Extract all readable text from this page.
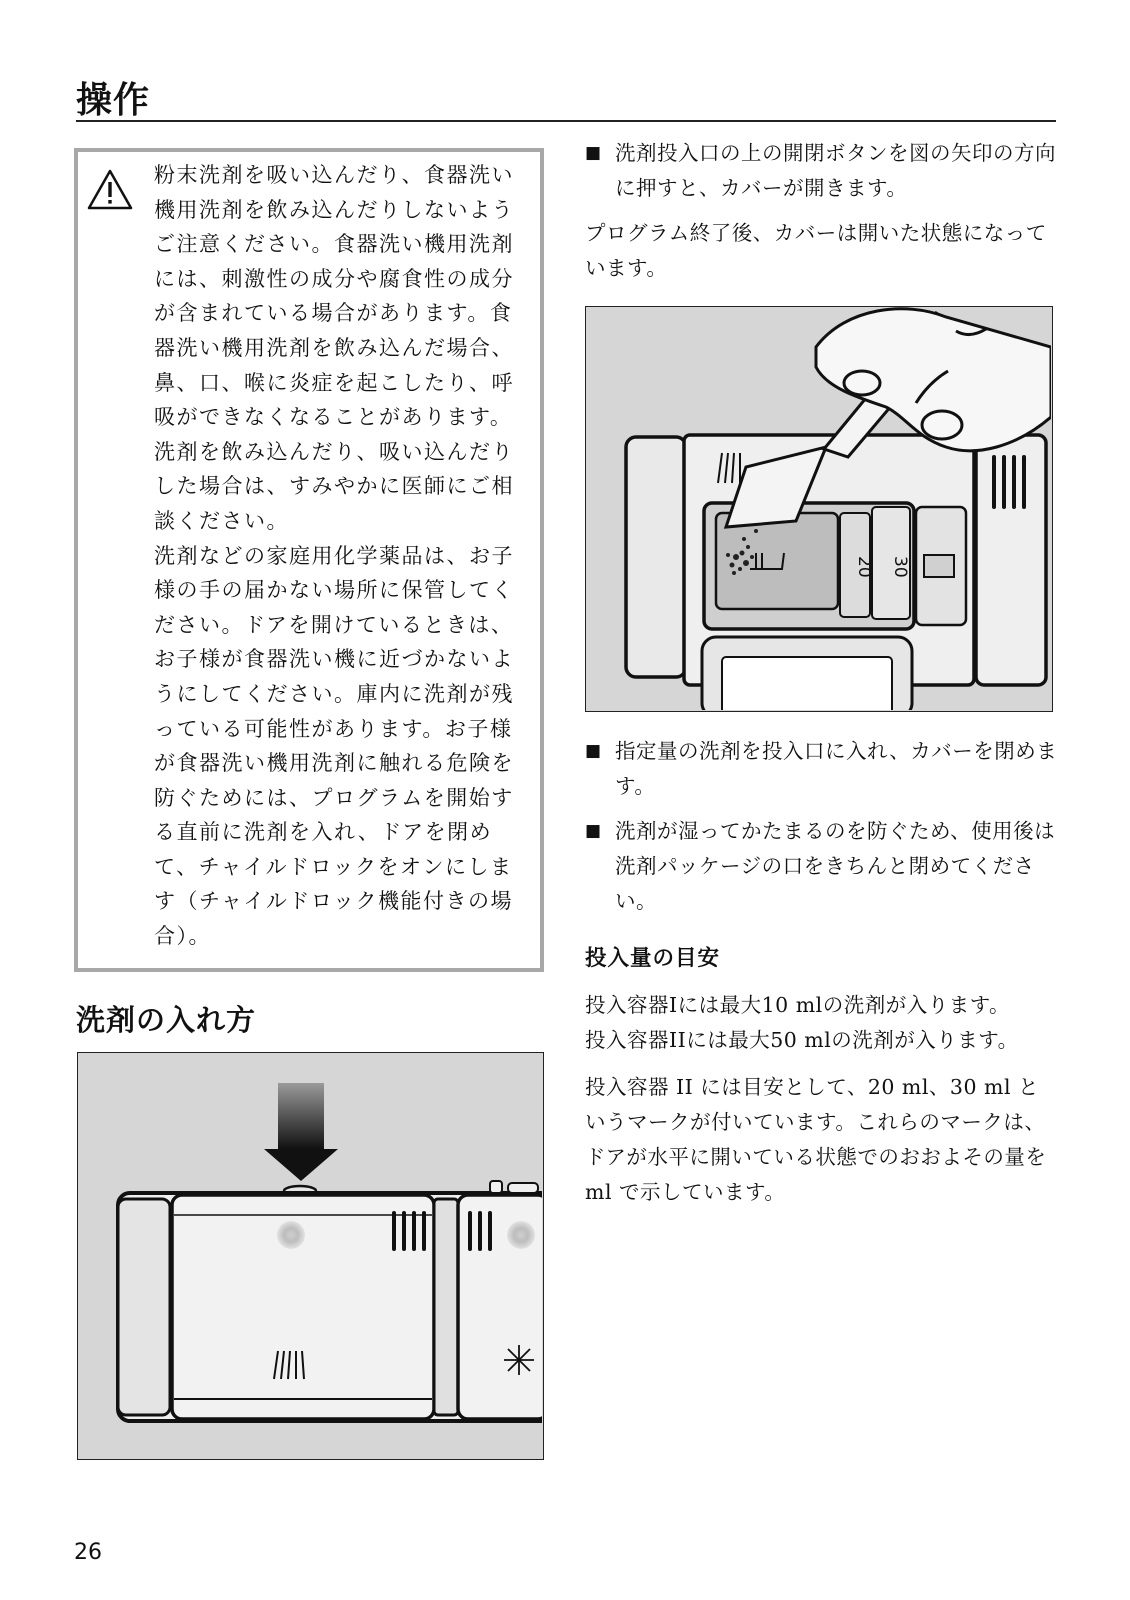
操作

粉末洗剤を吸い込んだり、食器洗い機用洗剤を飲み込んだりしないようご注意ください。食器洗い機用洗剤には、刺激性の成分や腐食性の成分が含まれている場合があります。食器洗い機用洗剤を飲み込んだ場合、鼻、口、喉に炎症を起こしたり、呼吸ができなくなることがあります。洗剤を飲み込んだり、吸い込んだりした場合は、すみやかに医師にご相談ください。

洗剤などの家庭用化学薬品は、お子様の手の届かない場所に保管してください。ドアを開けているときは、お子様が食器洗い機に近づかないようにしてください。庫内に洗剤が残っている可能性があります。お子様が食器洗い機用洗剤に触れる危険を防ぐためには、プログラムを開始する直前に洗剤を入れ、ドアを閉めて、チャイルドロックをオンにします（チャイルドロック機能付きの場合）。

洗剤の入れ方
■ 洗剤投入口の上の開閉ボタンを図の矢印の方向に押すと、カバーが開きます。

プログラム終了後、カバーは開いた状態になっています。

■ 指定量の洗剤を投入口に入れ、カバーを閉めます。

■ 洗剤が湿ってかたまるのを防ぐため、使用後は洗剤パッケージの口をきちんと閉めてください。

投入量の目安

投入容器Iには最大10 mlの洗剤が入ります。

投入容器IIには最大50 mlの洗剤が入ります。

投入容器 II には目安として、20 ml、30 ml というマークが付いています。これらのマークは、ドアが水平に開いている状態でのおおよその量を ml で示しています。

20 30
26
